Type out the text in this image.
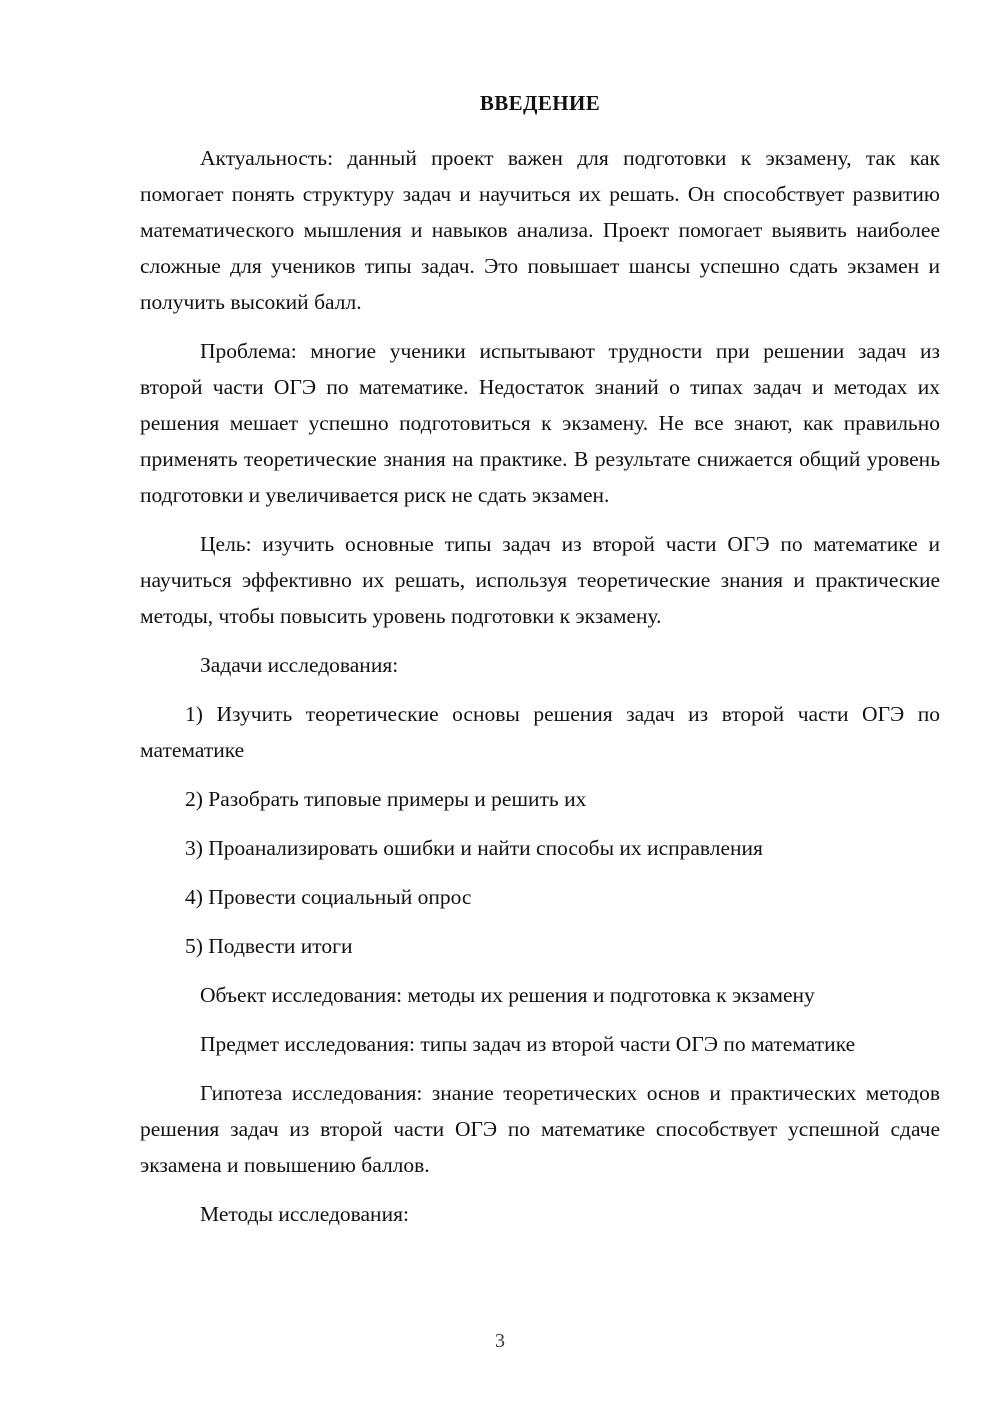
ВВЕДЕНИЕ

Актуальность: данный проект важен для подготовки к экзамену, так как помогает понять структуру задач и научиться их решать. Он способствует развитию математического мышления и навыков анализа. Проект помогает выявить наиболее сложные для учеников типы задач. Это повышает шансы успешно сдать экзамен и получить высокий балл.

Проблема: многие ученики испытывают трудности при решении задач из второй части ОГЭ по математике. Недостаток знаний о типах задач и методах их решения мешает успешно подготовиться к экзамену. Не все знают, как правильно применять теоретические знания на практике. В результате снижается общий уровень подготовки и увеличивается риск не сдать экзамен.

Цель: изучить основные типы задач из второй части ОГЭ по математике и научиться эффективно их решать, используя теоретические знания и практические методы, чтобы повысить уровень подготовки к экзамену.

Задачи исследования:

1) Изучить теоретические основы решения задач из второй части ОГЭ по математике
2) Разобрать типовые примеры и решить их
3) Проанализировать ошибки и найти способы их исправления
4) Провести социальный опрос
5) Подвести итоги

Объект исследования: методы их решения и подготовка к экзамену

Предмет исследования: типы задач из второй части ОГЭ по математике

Гипотеза исследования: знание теоретических основ и практических методов решения задач из второй части ОГЭ по математике способствует успешной сдаче экзамена и повышению баллов.

Методы исследования:

3
